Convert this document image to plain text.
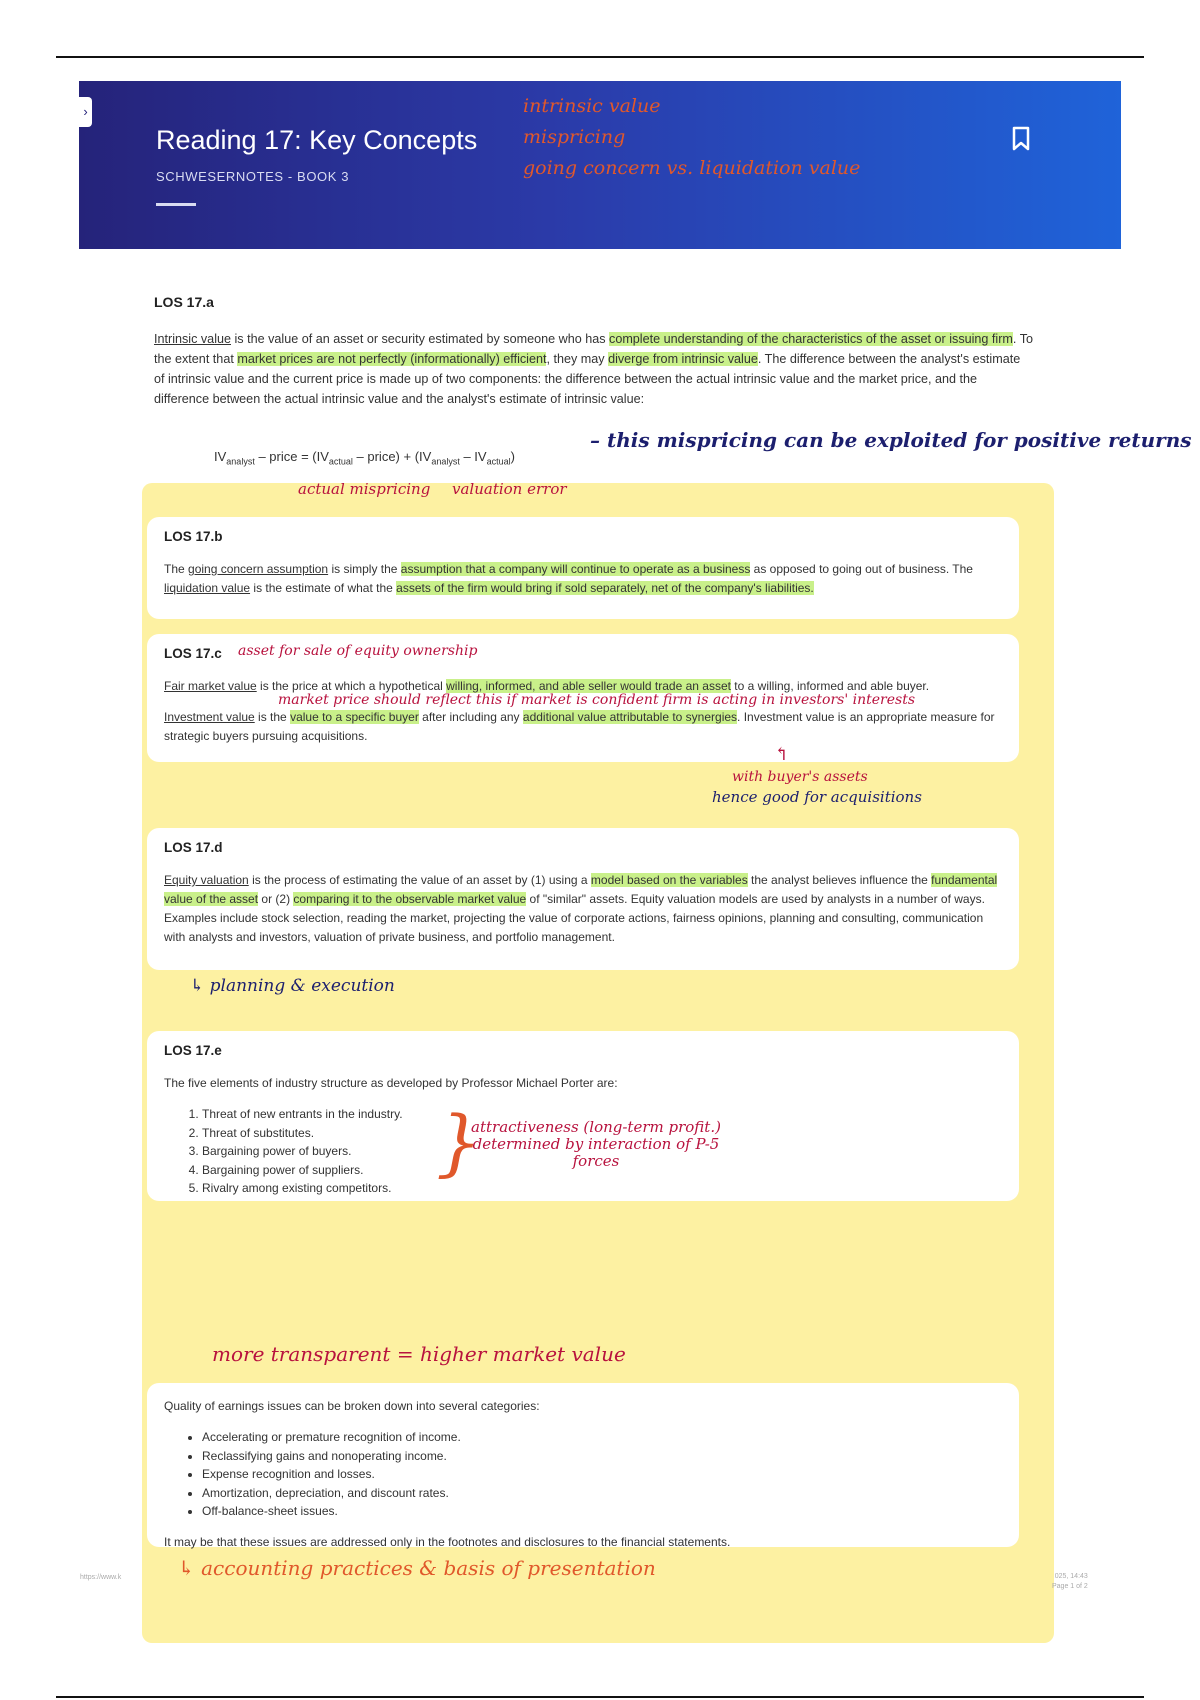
›
Reading 17: Key Concepts
SCHWESERNOTES - BOOK 3
intrinsic value
mispricing
going concern vs. liquidation value
LOS 17.a
Intrinsic value is the value of an asset or security estimated by someone who has complete understanding of the characteristics of the asset or issuing firm. To the extent that market prices are not perfectly (informationally) efficient, they may diverge from intrinsic value. The difference between the analyst's estimate of intrinsic value and the current price is made up of two components: the difference between the actual intrinsic value and the market price, and the difference between the actual intrinsic value and the analyst's estimate of intrinsic value:
$IV_{analyst}$ – price = ($IV_{actual}$ – price) + $(IV_{analyst} - IV_{actual})$
– this mispricing can be exploited for positive returns
actual mispricing valuation error
LOS 17.b
The going concern assumption is simply the assumption that a company will continue to operate as a business as opposed to going out of business. The liquidation value is the estimate of what the assets of the firm would bring if sold separately, net of the company's liabilities.
LOS 17.c
Fair market value is the price at which a hypothetical willing, informed, and able seller would trade an asset to a willing, informed and able buyer.
Investment value is the value to a specific buyer after including any additional value attributable to synergies. Investment value is an appropriate measure for strategic buyers pursuing acquisitions.
asset for sale of equity ownership
market price should reflect this if market is confident firm is acting in investors' interests
↰
with buyer's assets
hence good for acquisitions
LOS 17.d
Equity valuation is the process of estimating the value of an asset by (1) using a model based on the variables the analyst believes influence the fundamental value of the asset or (2) comparing it to the observable market value of "similar" assets. Equity valuation models are used by analysts in a number of ways. Examples include stock selection, reading the market, projecting the value of corporate actions, fairness opinions, planning and consulting, communication with analysts and investors, valuation of private business, and portfolio management.
↳ planning & execution
LOS 17.e
The five elements of industry structure as developed by Professor Michael Porter are:
1. Threat of new entrants in the industry.
2. Threat of substitutes.
3. Bargaining power of buyers.
4. Bargaining power of suppliers.
5. Rivalry among existing competitors.
}
attractiveness (long-term profit.) determined by interaction of P-5 forces
more transparent = higher market value
Quality of earnings issues can be broken down into several categories:
• Accelerating or premature recognition of income.
• Reclassifying gains and nonoperating income.
• Expense recognition and losses.
• Amortization, depreciation, and discount rates.
• Off-balance-sheet issues.
It may be that these issues are addressed only in the footnotes and disclosures to the financial statements.
↳ accounting practices & basis of presentation
https://www.k	025, 14:43
Page 1 of 2
